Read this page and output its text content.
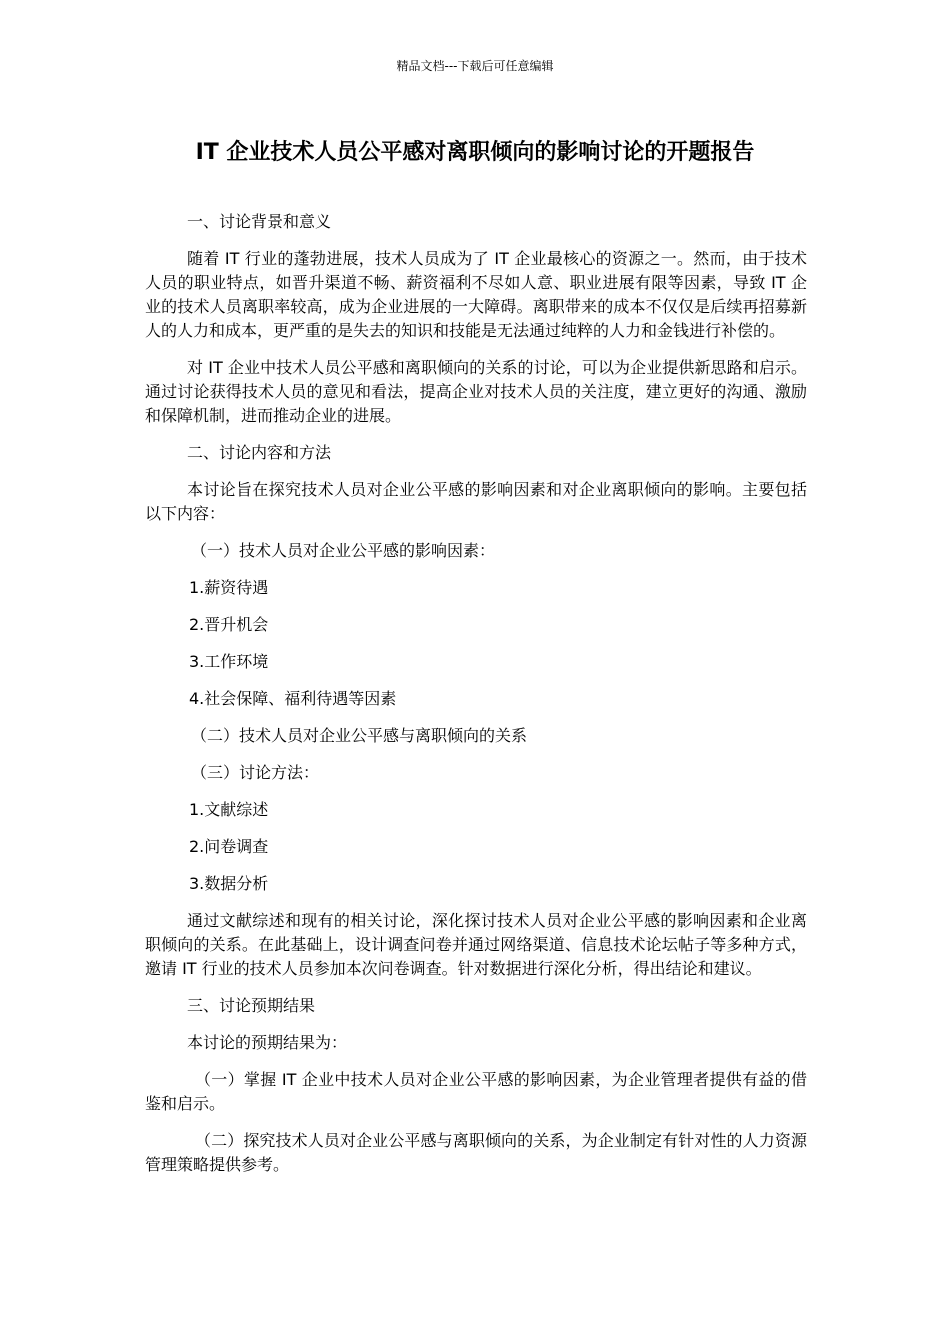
精品文档---下载后可任意编辑
IT 企业技术人员公平感对离职倾向的影响讨论的开题报告

一、讨论背景和意义

随着 IT 行业的蓬勃进展，技术人员成为了 IT 企业最核心的资源之一。然而，由于技术人员的职业特点，如晋升渠道不畅、薪资福利不尽如人意、职业进展有限等因素，导致 IT 企业的技术人员离职率较高，成为企业进展的一大障碍。离职带来的成本不仅仅是后续再招募新人的人力和成本，更严重的是失去的知识和技能是无法通过纯粹的人力和金钱进行补偿的。

对 IT 企业中技术人员公平感和离职倾向的关系的讨论，可以为企业提供新思路和启示。通过讨论获得技术人员的意见和看法，提高企业对技术人员的关注度，建立更好的沟通、激励和保障机制，进而推动企业的进展。

二、讨论内容和方法

本讨论旨在探究技术人员对企业公平感的影响因素和对企业离职倾向的影响。主要包括以下内容：

（一）技术人员对企业公平感的影响因素：

1.薪资待遇

2.晋升机会

3.工作环境

4.社会保障、福利待遇等因素

（二）技术人员对企业公平感与离职倾向的关系

（三）讨论方法：

1.文献综述

2.问卷调查

3.数据分析

通过文献综述和现有的相关讨论，深化探讨技术人员对企业公平感的影响因素和企业离职倾向的关系。在此基础上，设计调查问卷并通过网络渠道、信息技术论坛帖子等多种方式，邀请 IT 行业的技术人员参加本次问卷调查。针对数据进行深化分析，得出结论和建议。

三、讨论预期结果

本讨论的预期结果为：

（一）掌握 IT 企业中技术人员对企业公平感的影响因素，为企业管理者提供有益的借鉴和启示。

（二）探究技术人员对企业公平感与离职倾向的关系，为企业制定有针对性的人力资源管理策略提供参考。
